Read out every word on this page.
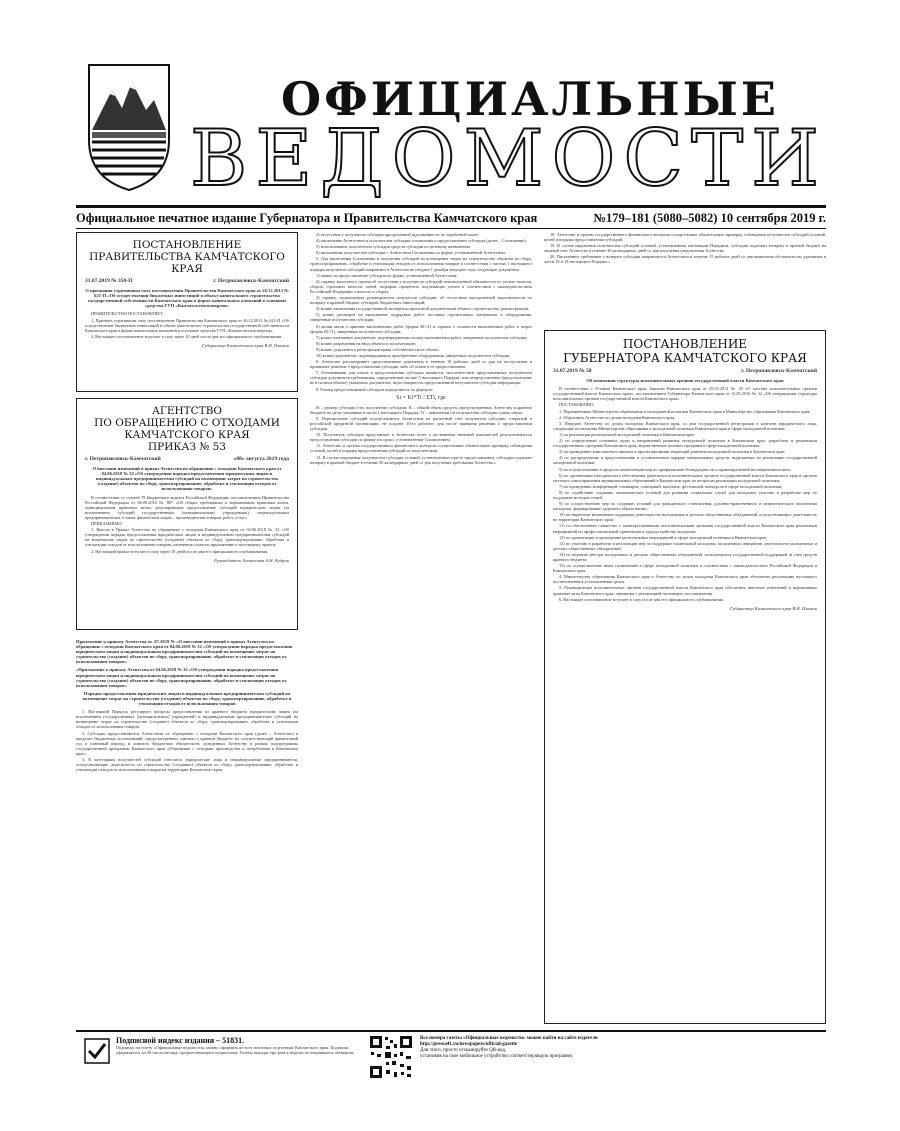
ОФИЦИАЛЬНЫЕ
ВЕДОМОСТИ
Официальное печатное издание Губернатора и Правительства Камчатского края	№179–181 (5080–5082) 10 сентября 2019 г.
ПОСТАНОВЛЕНИЕ
ПРАВИТЕЛЬСТВА КАМЧАТСКОГО КРАЯ
31.07.2019 № 350-П	г. Петропавловск-Камчатский
О признании утратившим силу постановления Правительства Камчатского края от 26.12.2013 № 621-П «Об осуществлении бюджетных инвестиций в объект капитального строительства государственной собственности Камчатского края в форме капитальных вложений в основные средства ГУП «Камчатсктеплоэнергия»

ПРАВИТЕЛЬСТВО ПОСТАНОВЛЯЕТ:

1. Признать утратившим силу постановление Правительства Камчатского края от 26.12.2013 № 621-П «Об осуществлении бюджетных инвестиций в объект капитального строительства государственной собственности Камчатского края в форме капитальных вложений в основные средства ГУП «Камчатсктеплоэнергия».

2. Настоящее постановление вступает в силу через 10 дней после дня его официального опубликования.

Губернатор Камчатского края В.И. Илюхин
АГЕНТСТВО
ПО ОБРАЩЕНИЮ С ОТХОДАМИ
КАМЧАТСКОГО КРАЯ
ПРИКАЗ № 53
г. Петропавловск-Камчатский	«08» августа 2019 года
О внесении изменений в приказ Агентства по обращению с отходами Камчатского края от 04.06.2018 № 32 «Об утверждении порядка предоставления юридическим лицам и индивидуальным предпринимателям субсидий на возмещение затрат на строительство (создание) объектов по сбору, транспортированию, обработке и утилизации отходов от использования товаров»

В соответствии со статьей 78 Бюджетного кодекса Российской Федерации, постановлением Правительства Российской Федерации от 06.09.2016 № 887 «Об общих требованиях к нормативным правовым актам, муниципальным правовым актам, регулирующим предоставление субсидий юридическим лицам (за исключением субсидий государственным (муниципальным) учреждениям), индивидуальным предпринимателям, а также физическим лицам – производителям товаров, работ, услуг»

ПРИКАЗЫВАЮ:

1. Внести в Приказ Агентства по обращению с отходами Камчатского края от 04.06.2018 № 32 «Об утверждении порядка предоставления юридическим лицам и индивидуальным предпринимателям субсидий на возмещение затрат на строительство (создание) объектов по сбору, транспортированию, обработке и утилизации отходов от использования товаров» изменения согласно приложению к настоящему приказу.

2. Настоящий приказ вступает в силу через 10 дней после дня его официального опубликования.

Руководитель Агентства А.Н. Кудрин
Приложение к приказу Агентства от .07.2019 № «О внесении изменений в приказ Агентства по обращению с отходами Камчатского края от 04.06.2018 № 32 «Об утверждении порядка предоставления юридическим лицам и индивидуальным предпринимателям субсидий на возмещение затрат на строительство (создание) объектов по сбору, транспортированию, обработке и утилизации отходов от использования товаров»
«Приложение к приказу Агентства от 04.06.2018 № 32 «Об утверждении порядка предоставления юридическим лицам и индивидуальным предпринимателям субсидий на возмещение затрат на строительство (создание) объектов по сбору, транспортированию, обработке и утилизации отходов от использования товаров»
Порядок предоставления юридическим лицам и индивидуальным предпринимателям субсидий на возмещение затрат на строительство (создание) объектов по сбору, транспортированию, обработке и утилизации отходов от использования товаров

1. Настоящий Порядок регулирует вопросы предоставления из краевого бюджета юридическим лицам (за исключением государственных (муниципальных) учреждений) и индивидуальным предпринимателям субсидий на возмещение затрат на строительство (создание) объектов по сбору, транспортированию, обработке и утилизации отходов от использования товаров.

2. Субсидии предоставляются Агентством по обращению с отходами Камчатского края (далее – Агентство) в пределах бюджетных ассигнований, предусмотренных законом о краевом бюджете на соответствующий финансовый год и плановый период, и лимитов бюджетных обязательств, доведенных Агентству в рамках подпрограммы государственной программы Камчатского края «Обращение с отходами производства и потребления в Камчатском крае».

3. К категориям получателей субсидий относятся юридические лица и индивидуальные предприниматели, осуществляющие деятельность по строительству (созданию) объектов по сбору, транспортированию, обработке и утилизации отходов от использования товаров на территории Камчатского края.

3) отсутствие у получателя субсидии просроченной задолженности по заработной плате;

4) заключение Агентством и получателем субсидии соглашения о предоставлении субсидии (далее – Соглашение);

5) использование получателем субсидии средств субсидии по целевому назначению;

6) выполнение получателем субсидии с Агентством Соглашения по форме, установленной Агентством.

5. Для заключения Соглашения и получения субсидий на возмещение затрат на строительство объектов по сбору, транспортированию, обработке и утилизации отходов от использования товаров в соответствии с частью 1 настоящего порядка получатель субсидий направляет в Агентство не позднее 1 декабря текущего года следующие документы:

1) заявку на предоставление субсидии по форме, установленной Агентством;

2) справку налогового органа об отсутствии у получателя субсидий неисполненной обязанности по уплате налогов, сборов, страховых взносов, пеней, штрафов, процентов, подлежащих уплате в соответствии с законодательством Российской Федерации о налогах и сборах;

3) справку, подписанную руководителем получателя субсидии, об отсутствии просроченной задолженности по возврату в краевой бюджет субсидий, бюджетных инвестиций;

4) копию заключения государственной экспертизы проектной документации объекта строительства, реконструкции;

5) копии договоров на выполнение подрядных работ, поставку строительных материалов и оборудования, заверенные получателем субсидии;

6) копии актов о приемке выполненных работ (форма КС-2) и справок о стоимости выполненных работ и затрат (форма КС-3), заверенные получателем субсидии;

7) копии платежных документов, подтверждающих оплату выполненных работ, заверенные получателем субсидии;

8) копию разрешения на ввод объекта в эксплуатацию;

9) копию документа о регистрации права собственности на объект;

10) копии документов, подтверждающих приобретение оборудования, заверенные получателем субсидии.

6. Агентство рассматривает представленные документы в течение 10 рабочих дней со дня их поступления и принимает решение о предоставлении субсидии либо об отказе в ее предоставлении.

7. Основаниями для отказа в предоставлении субсидии являются: несоответствие представленных получателем субсидии документов требованиям, определенным частью 5 настоящего Порядка, или непредставление (предоставление не в полном объеме) указанных документов; недостоверность представленной получателем субсидии информации.

8. Размер предоставляемой субсидии определяется по формуле:

Si = Ki*Ti / ΣTi, где

Si – размер субсидии i-му получателю субсидии; K – общий объем средств, предусмотренных Агентству в краевом бюджете на цели, указанные в части 1 настоящего Порядка; Ti – заявленная i-м получателем субсидии сумма затрат.

9. Перечисление субсидий осуществляется Агентством на расчетный счет получателя субсидии, открытый в российской кредитной организации, не позднее 10-го рабочего дня после принятия решения о предоставлении субсидии.

10. Получатель субсидии представляет в Агентство отчет о достижении значений показателей результативности предоставления субсидии по форме и в сроки, установленные Соглашением.

11. Агентство и органы государственного финансового контроля осуществляют обязательную проверку соблюдения условий, целей и порядка предоставления субсидий их получателями.

12. В случае нарушения получателем субсидии условий, установленных при ее предоставлении, субсидия подлежит возврату в краевой бюджет в течение 30 календарных дней со дня получения требования Агентства.»

18. Агентство и органы государственного финансового контроля осуществляют обязательную проверку соблюдения получателем субсидий условий, целей и порядка предоставления субсидий.

19. В случае нарушения получателем субсидий условий, установленных настоящим Порядком, субсидия подлежит возврату в краевой бюджет на лицевой счет Агентства в течение 30 календарных дней со дня получения уведомления Агентства.

20. Письменное требование о возврате субсидии направляется Агентством в течение 15 рабочих дней со дня выявления обстоятельств, указанных в части 18 и 19 настоящего Порядка.»

ПОСТАНОВЛЕНИЕ
ГУБЕРНАТОРА КАМЧАТСКОГО КРАЯ
31.07.2019 № 58	г. Петропавловск-Камчатский
Об изменении структуры исполнительных органов государственной власти Камчатского края

В соответствии с Уставом Камчатского края, Законом Камчатского края от 29.03.2012 № 30 «О системе исполнительных органов государственной власти Камчатского края», постановлением Губернатора Камчатского края от 13.05.2016 № 32 «Об утверждении структуры исполнительных органов государственной власти Камчатского края»

ПОСТАНОВЛЯЮ:

1. Переименовать Министерство образования и молодежной политики Камчатского края в Министерство образования Камчатского края.

2. Образовать Агентство по делам молодежи Камчатского края.

3. Передать Агентству по делам молодежи Камчатского края, со дня государственной регистрации в качестве юридического лица, следующие полномочия Министерства образования и молодежной политики Камчатского края в сфере молодежной политики:

1) по реализации региональной молодежной политики в Камчатском крае;

2) по определению основных задач и направлений развития молодежной политики в Камчатском крае, разработке и реализации государственных программ Камчатского края, ведомственных целевых программ в сфере молодежной политики;

3) по проведению комплексного анализа и прогнозирования тенденций развития молодежной политики в Камчатском крае;

4) по распределению и предоставлению в установленном порядке материальных средств, выделяемых на реализацию государственной молодежной политики;

5) по осуществлению в пределах компетенции мер по профилактике безнадзорности и правонарушений несовершеннолетних;

6) по организации методического обеспечения деятельности исполнительных органов государственной власти Камчатского края и органов местного самоуправления муниципальных образований в Камчатском крае по вопросам реализации молодежной политики;

7) по проведению конференций, семинаров, совещаний, выставок, фестивалей, конкурсов в сфере молодежной политики;

8) по содействию созданию экономических условий для развития социальных служб для молодежи, участию в разработке мер по поддержке молодых семей;

9) по осуществлению мер по созданию условий для гражданского становления, духовно-нравственного и патриотического воспитания молодежи, формированию здорового образа жизни;

10) по выработке механизмов поддержки деятельности молодежных и детских общественных объединений, осуществляющих деятельность на территории Камчатского края;

11) по обеспечению совместно с заинтересованными исполнительными органами государственной власти Камчатского края реализации мероприятий по профессиональной ориентации и трудоустройству молодежи;

12) по организации и проведению региональных мероприятий в сфере молодежной политики в Камчатском крае;

13) по участию в разработке и реализации мер по поддержке талантливой молодежи, молодежных инициатив, деятельности молодежных и детских общественных объединений;

14) по ведению реестра молодежных и детских общественных объединений, пользующихся государственной поддержкой за счет средств краевого бюджета;

15) по осуществлению иных полномочий в сфере молодежной политики в соответствии с законодательством Российской Федерации и Камчатского края.

4. Министерству образования Камчатского края и Агентству по делам молодежи Камчатского края обеспечить реализацию настоящего постановления в установленные сроки.

5. Руководителям исполнительных органов государственной власти Камчатского края обеспечить внесение изменений в нормативные правовые акты Камчатского края, связанные с реализацией настоящего постановления.

6. Настоящее постановление вступает в силу после дня его официального опубликования.

Губернатор Камчатского края В.И. Илюхин
Подписной индекс издания – 51831.
Подписку на газету «Официальные ведомости» можно оформить во всех почтовых отделениях Камчатского края. Подписка оформляется до 26 числа месяца, предшествующего подписному. Газеты выходят три раза в неделю по вторникам и четвергам.
Все номера газеты «Официальные ведомости» можно найти на сайте издателя
http://pressa41.ru/newspapers/official-gazette
Для этого, просто отсканируйте QR-код,
установив на свое мобильное устройство соответствующую программу.
